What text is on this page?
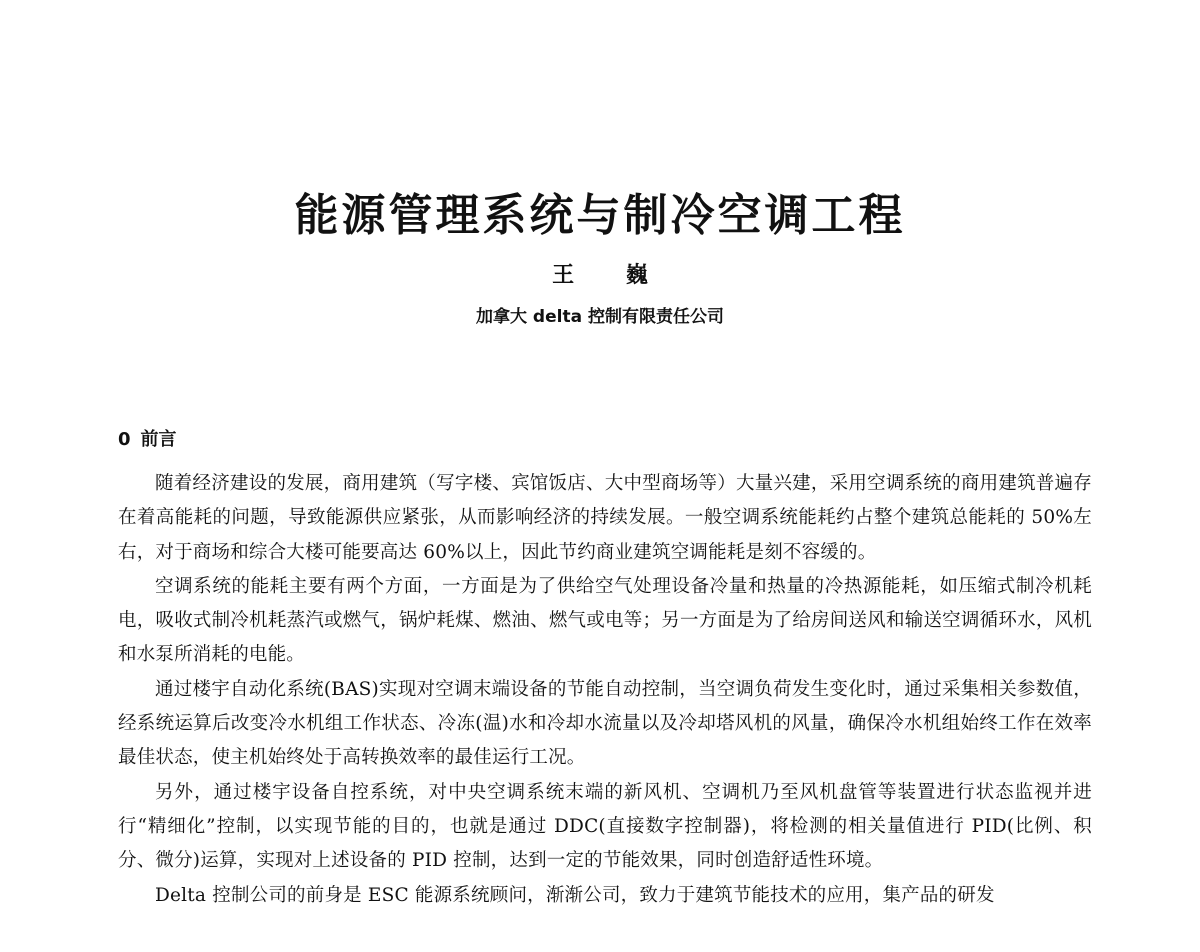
能源管理系统与制冷空调工程
王 巍
加拿大 delta 控制有限责任公司
0 前言

随着经济建设的发展，商用建筑（写字楼、宾馆饭店、大中型商场等）大量兴建，采用空调系统的商用建筑普遍存在着高能耗的问题，导致能源供应紧张，从而影响经济的持续发展。一般空调系统能耗约占整个建筑总能耗的 50%左右，对于商场和综合大楼可能要高达 60%以上，因此节约商业建筑空调能耗是刻不容缓的。

空调系统的能耗主要有两个方面，一方面是为了供给空气处理设备冷量和热量的冷热源能耗，如压缩式制冷机耗电，吸收式制冷机耗蒸汽或燃气，锅炉耗煤、燃油、燃气或电等；另一方面是为了给房间送风和输送空调循环水，风机和水泵所消耗的电能。

通过楼宇自动化系统(BAS)实现对空调末端设备的节能自动控制，当空调负荷发生变化时，通过采集相关参数值，经系统运算后改变冷水机组工作状态、冷冻(温)水和冷却水流量以及冷却塔风机的风量，确保冷水机组始终工作在效率最佳状态，使主机始终处于高转换效率的最佳运行工况。

另外，通过楼宇设备自控系统，对中央空调系统末端的新风机、空调机乃至风机盘管等装置进行状态监视并进行“精细化”控制，以实现节能的目的，也就是通过 DDC(直接数字控制器)，将检测的相关量值进行 PID(比例、积分、微分)运算，实现对上述设备的 PID 控制，达到一定的节能效果，同时创造舒适性环境。

Delta 控制公司的前身是 ESC 能源系统顾问，渐渐公司，致力于建筑节能技术的应用，集产品的研发
